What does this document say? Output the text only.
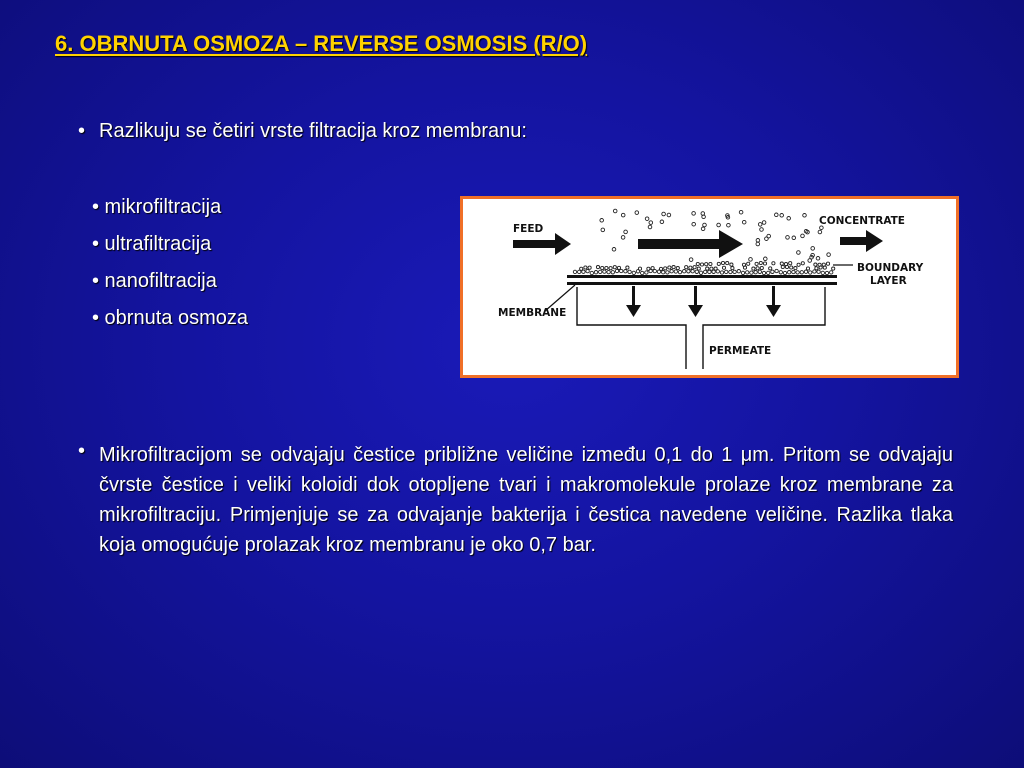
6. OBRNUTA OSMOZA – REVERSE OSMOSIS (R/O)
• Razlikuju se četiri vrste filtracija kroz membranu:
• mikrofiltracija
• ultrafiltracija
• nanofiltracija
• obrnuta osmoza
FEED
CONCENTRATE
BOUNDARY
LAYER
MEMBRANE
PERMEATE
• Mikrofiltracijom se odvajaju čestice približne veličine između 0,1 do 1 μm. Pritom se odvajaju čvrste čestice i veliki koloidi dok otopljene tvari i makromolekule prolaze kroz membrane za mikrofiltraciju. Primjenjuje se za odvajanje bakterija i čestica navedene veličine. Razlika tlaka koja omogućuje prolazak kroz membranu je oko 0,7 bar.
